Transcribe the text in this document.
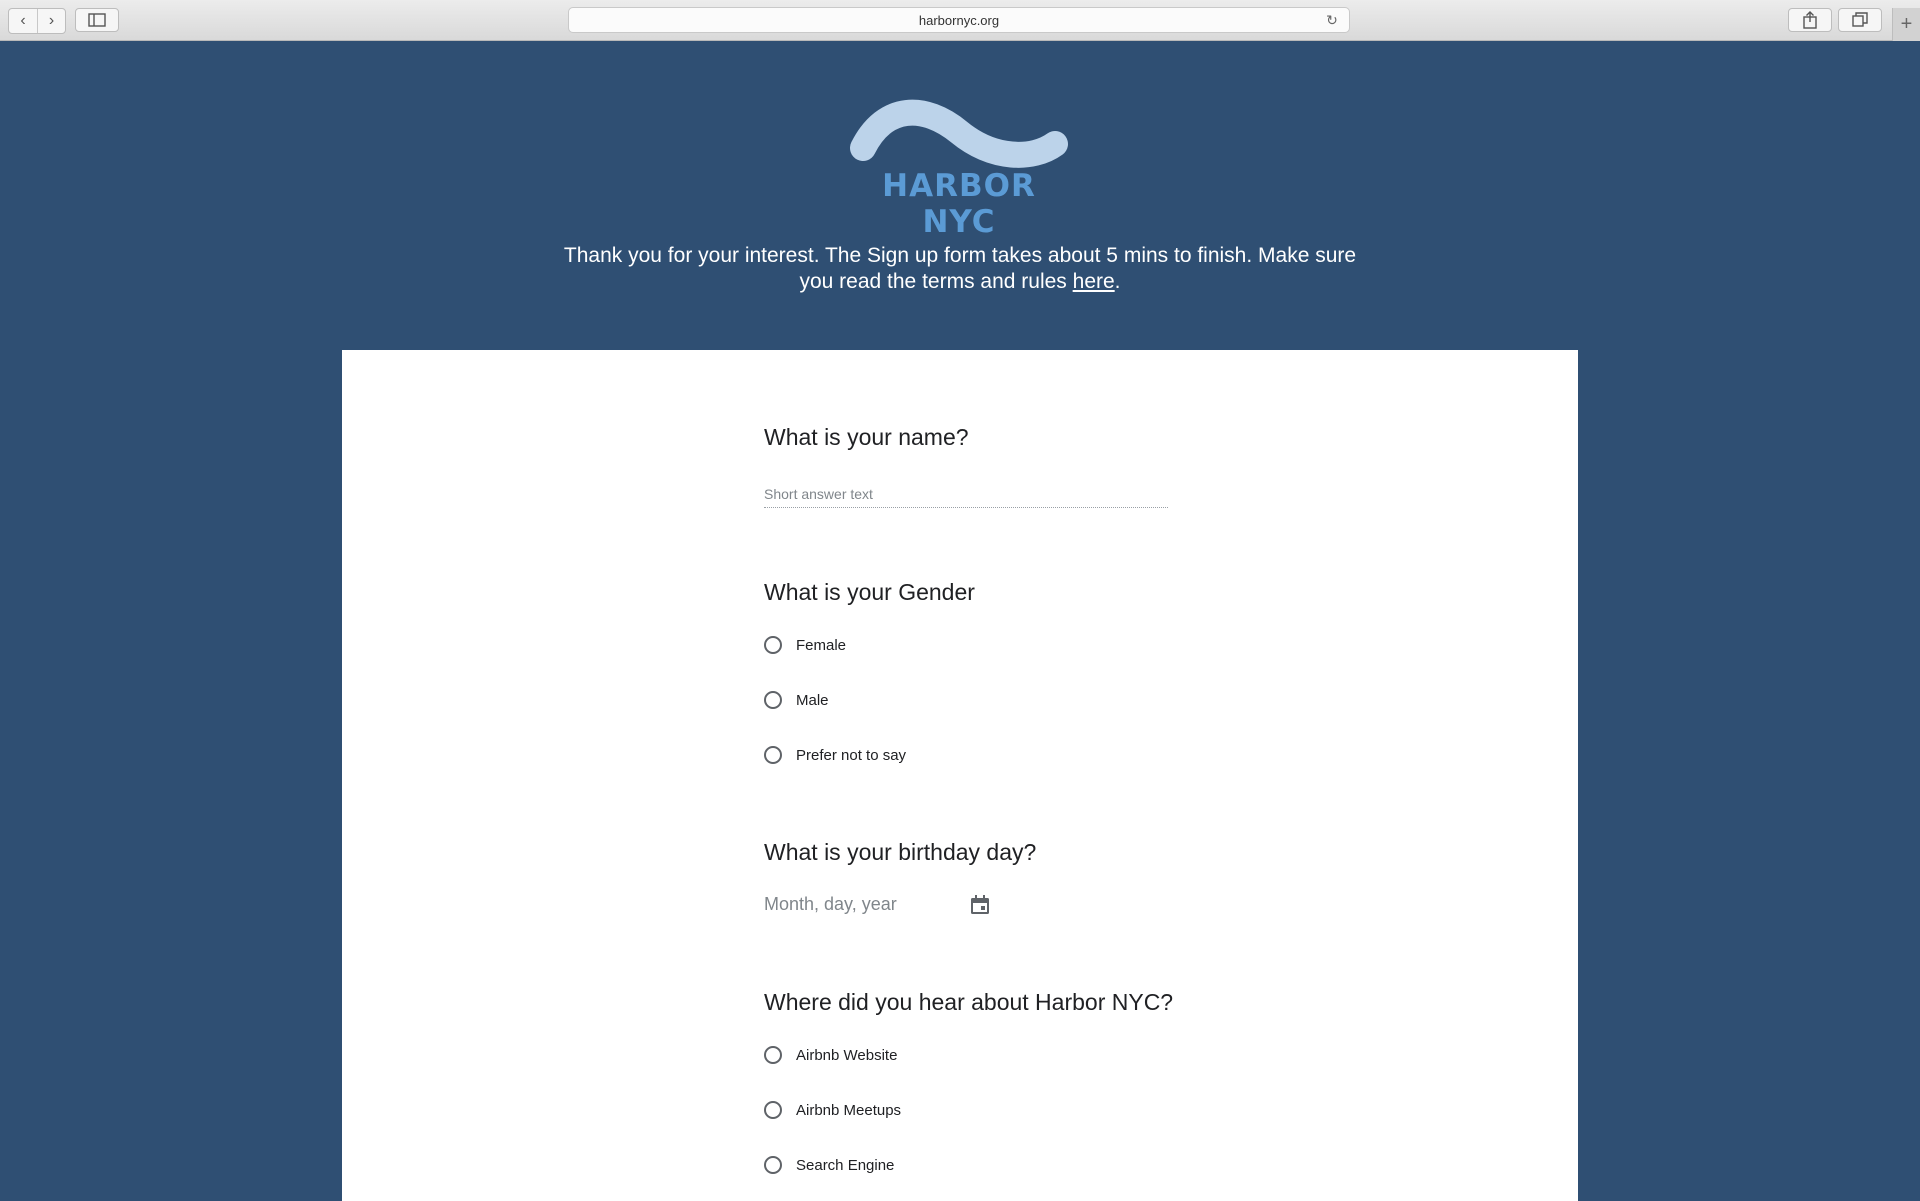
‹ ›	harbornyc.org	↻	+
HARBOR NYC
Thank you for your interest. The Sign up form takes about 5 mins to finish. Make sure you read the terms and rules here.
What is your name?
Short answer text
What is your Gender
Female
Male
Prefer not to say
What is your birthday day?
Month, day, year
Where did you hear about Harbor NYC?
Airbnb Website
Airbnb Meetups
Search Engine
